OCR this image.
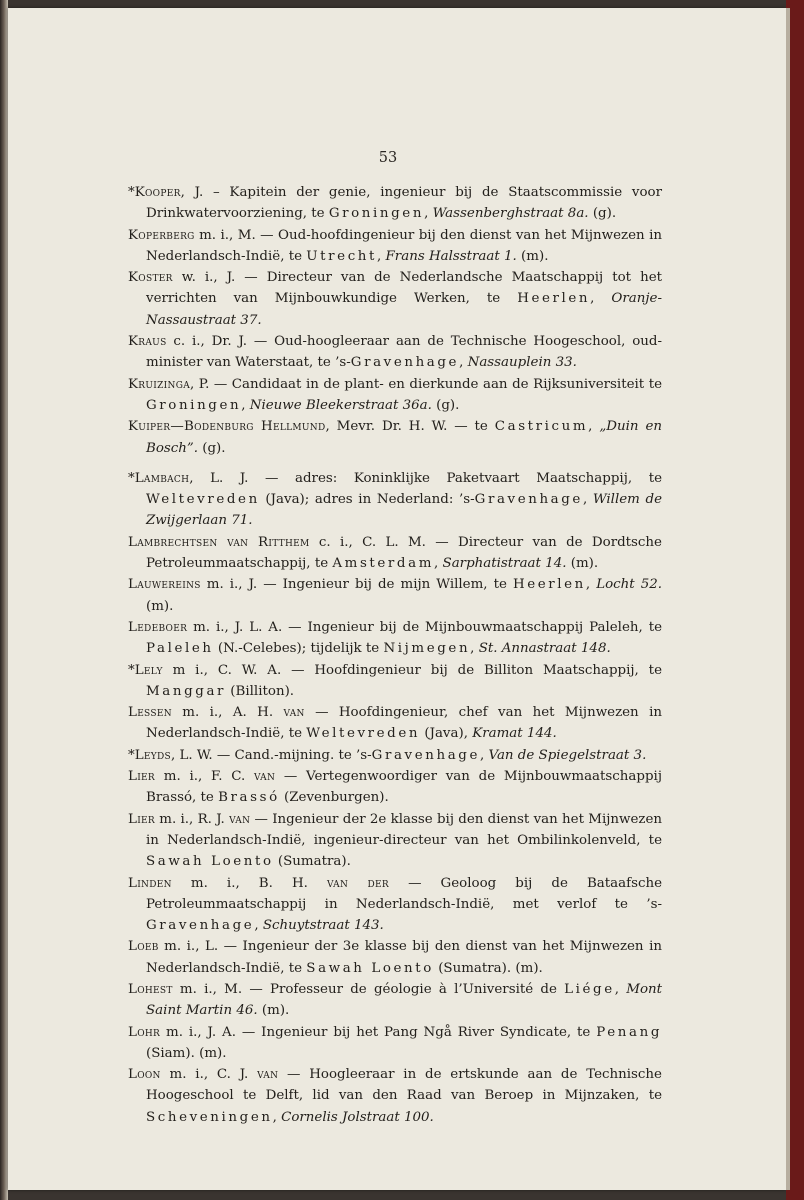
53
*Kooper, J. – Kapitein der genie, ingenieur bij de Staatscommissie voor Drinkwatervoorziening, te Groningen, Wassenberghstraat 8a. (g).
Koperberg m. i., M. — Oud-hoofdingenieur bij den dienst van het Mijnwezen in Nederlandsch-Indië, te Utrecht, Frans Halsstraat 1. (m).
Koster w. i., J. — Directeur van de Nederlandsche Maatschappij tot het verrichten van Mijnbouwkundige Werken, te Heerlen, Oranje-Nassaustraat 37.
Kraus c. i., Dr. J. — Oud-hoogleeraar aan de Technische Hoogeschool, oud-minister van Waterstaat, te ’s-Gravenhage, Nassauplein 33.
Kruizinga, P. — Candidaat in de plant- en dierkunde aan de Rijksuniversiteit te Groningen, Nieuwe Bleekerstraat 36a. (g).
Kuiper—Bodenburg Hellmund, Mevr. Dr. H. W. — te Castricum, „Duin en Bosch”. (g).
*Lambach, L. J. — adres: Koninklijke Paketvaart Maatschappij, te Weltevreden (Java); adres in Nederland: ’s-Gravenhage, Willem de Zwijgerlaan 71.
Lambrechtsen van Ritthem c. i., C. L. M. — Directeur van de Dordtsche Petroleummaatschappij, te Amsterdam, Sarphatistraat 14. (m).
Lauwereins m. i., J. — Ingenieur bij de mijn Willem, te Heerlen, Locht 52. (m).
Ledeboer m. i., J. L. A. — Ingenieur bij de Mijnbouwmaatschappij Paleleh, te Paleleh (N.-Celebes); tijdelijk te Nijmegen, St. Annastraat 148.
*Lely m i., C. W. A. — Hoofdingenieur bij de Billiton Maatschappij, te Manggar (Billiton).
Lessen m. i., A. H. van — Hoofdingenieur, chef van het Mijnwezen in Nederlandsch-Indië, te Weltevreden (Java), Kramat 144.
*Leyds, L. W. — Cand.-mijning. te ’s-Gravenhage, Van de Spiegelstraat 3.
Lier m. i., F. C. van — Vertegenwoordiger van de Mijnbouwmaatschappij Brassó, te Brassó (Zevenburgen).
Lier m. i., R. J. van — Ingenieur der 2e klasse bij den dienst van het Mijnwezen in Nederlandsch-Indië, ingenieur-directeur van het Ombilinkolenveld, te Sawah Loento (Sumatra).
Linden m. i., B. H. van der — Geoloog bij de Bataafsche Petroleummaatschappij in Nederlandsch-Indië, met verlof te ’s-Gravenhage, Schuytstraat 143.
Loeb m. i., L. — Ingenieur der 3e klasse bij den dienst van het Mijnwezen in Nederlandsch-Indië, te Sawah Loento (Sumatra). (m).
Lohest m. i., M. — Professeur de géologie à l’Université de Liége, Mont Saint Martin 46. (m).
Lohr m. i., J. A. — Ingenieur bij het Pang Ngå River Syndicate, te Penang (Siam). (m).
Loon m. i., C. J. van — Hoogleeraar in de ertskunde aan de Technische Hoogeschool te Delft, lid van den Raad van Beroep in Mijnzaken, te Scheveningen, Cornelis Jolstraat 100.
